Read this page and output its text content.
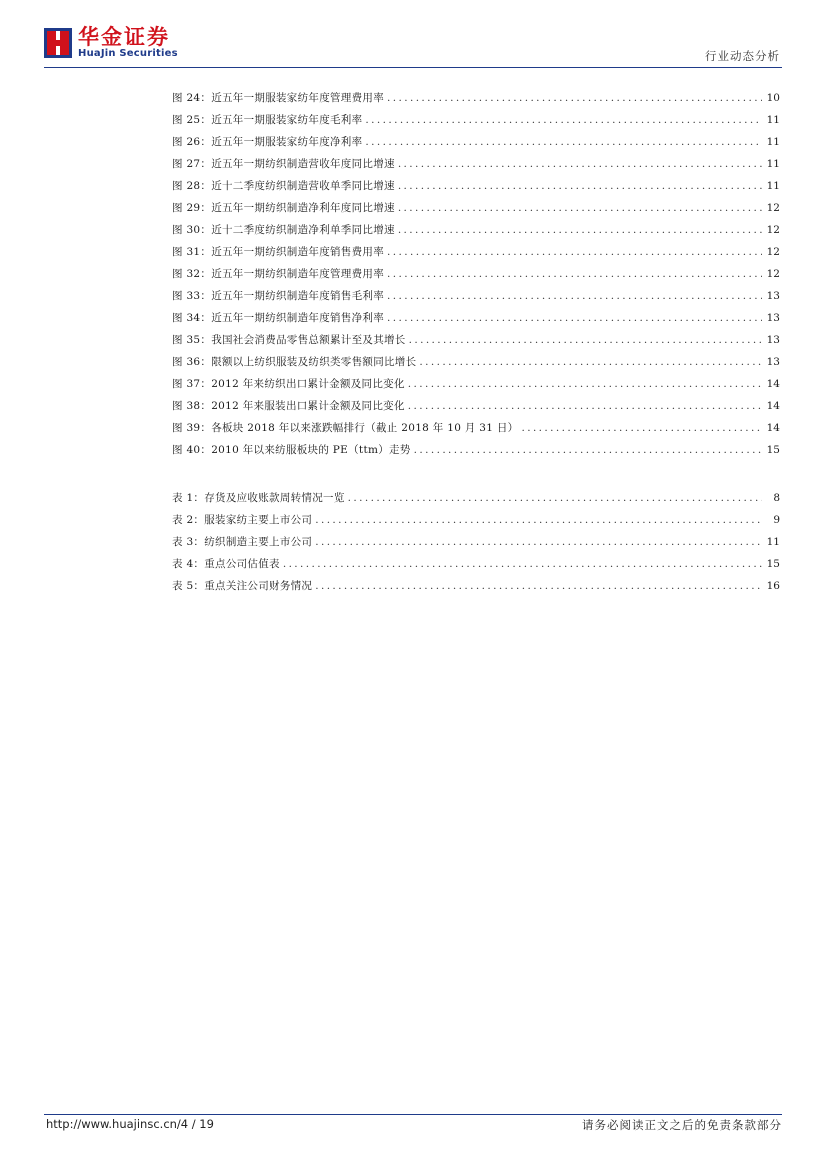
华金证券
HuaJin Securities	行业动态分析
图 24：近五年一期服装家纺年度管理费用率 .....	10
图 25：近五年一期服装家纺年度毛利率 .....	11
图 26：近五年一期服装家纺年度净利率 .....	11
图 27：近五年一期纺织制造营收年度同比增速 .....	11
图 28：近十二季度纺织制造营收单季同比增速 .....	11
图 29：近五年一期纺织制造净利年度同比增速 .....	12
图 30：近十二季度纺织制造净利单季同比增速 .....	12
图 31：近五年一期纺织制造年度销售费用率 .....	12
图 32：近五年一期纺织制造年度管理费用率 .....	12
图 33：近五年一期纺织制造年度销售毛利率 .....	13
图 34：近五年一期纺织制造年度销售净利率 .....	13
图 35：我国社会消费品零售总额累计至及其增长 .....	13
图 36：限额以上纺织服装及纺织类零售额同比增长 .....	13
图 37：2012 年来纺织出口累计金额及同比变化 .....	14
图 38：2012 年来服装出口累计金额及同比变化 .....	14
图 39：各板块 2018 年以来涨跌幅排行（截止 2018 年 10 月 31 日） .....	14
图 40：2010 年以来纺服板块的 PE（ttm）走势 .....	15
表 1：存货及应收账款周转情况一览 .....	8
表 2：服装家纺主要上市公司 .....	9
表 3：纺织制造主要上市公司 .....	11
表 4：重点公司估值表 .....	15
表 5：重点关注公司财务情况 .....	16
http://www.huajinsc.cn/4 / 19	请务必阅读正文之后的免责条款部分
